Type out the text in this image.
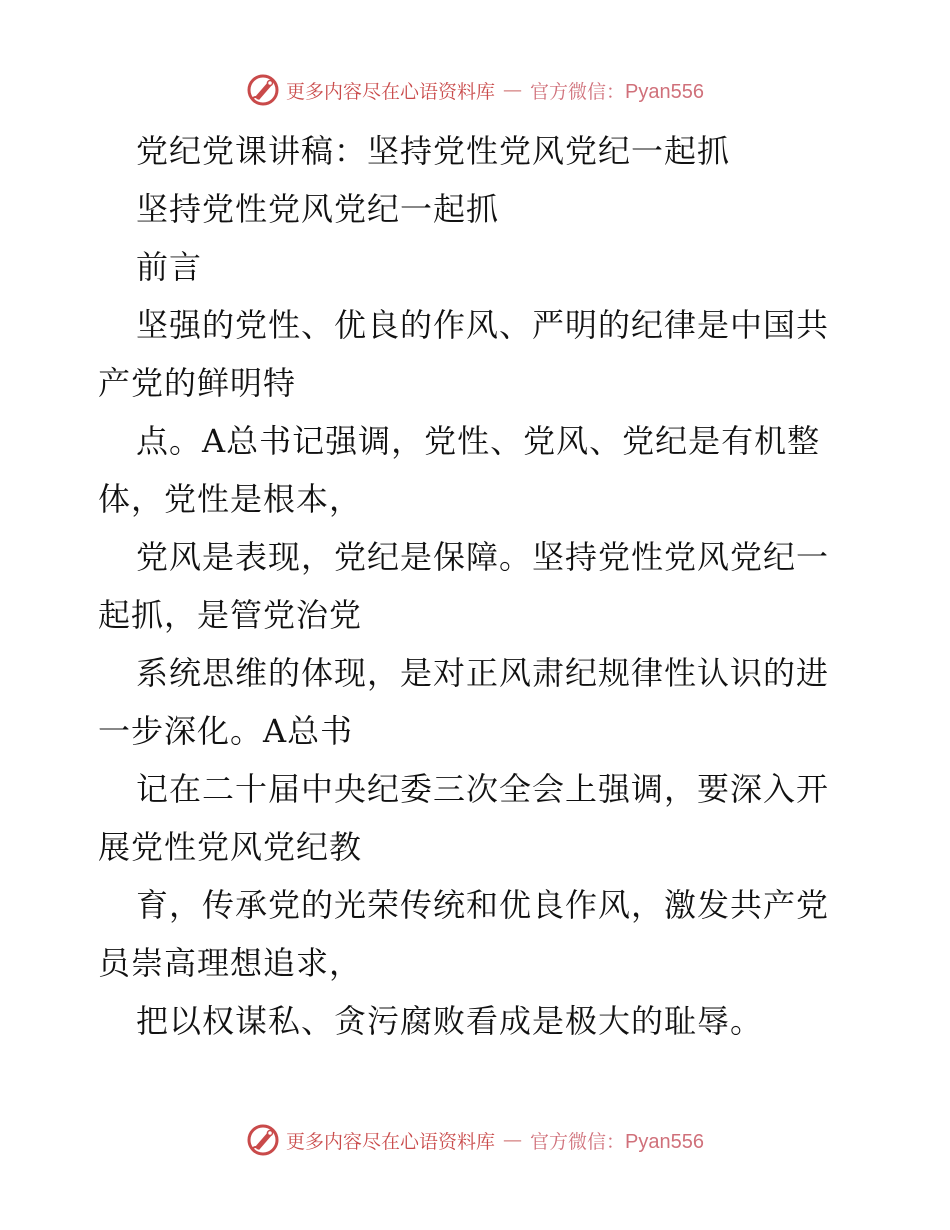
更多内容尽在心语资料库 — 官方微信：Pyan556
党纪党课讲稿：坚持党性党风党纪一起抓
坚持党性党风党纪一起抓
前言
坚强的党性、优良的作风、严明的纪律是中国共
产党的鲜明特
点。A总书记强调，党性、党风、党纪是有机整
体，党性是根本，
党风是表现，党纪是保障。坚持党性党风党纪一
起抓，是管党治党
系统思维的体现，是对正风肃纪规律性认识的进
一步深化。A总书
记在二十届中央纪委三次全会上强调，要深入开
展党性党风党纪教
育，传承党的光荣传统和优良作风，激发共产党
员崇高理想追求，
把以权谋私、贪污腐败看成是极大的耻辱。
更多内容尽在心语资料库 — 官方微信：Pyan556
